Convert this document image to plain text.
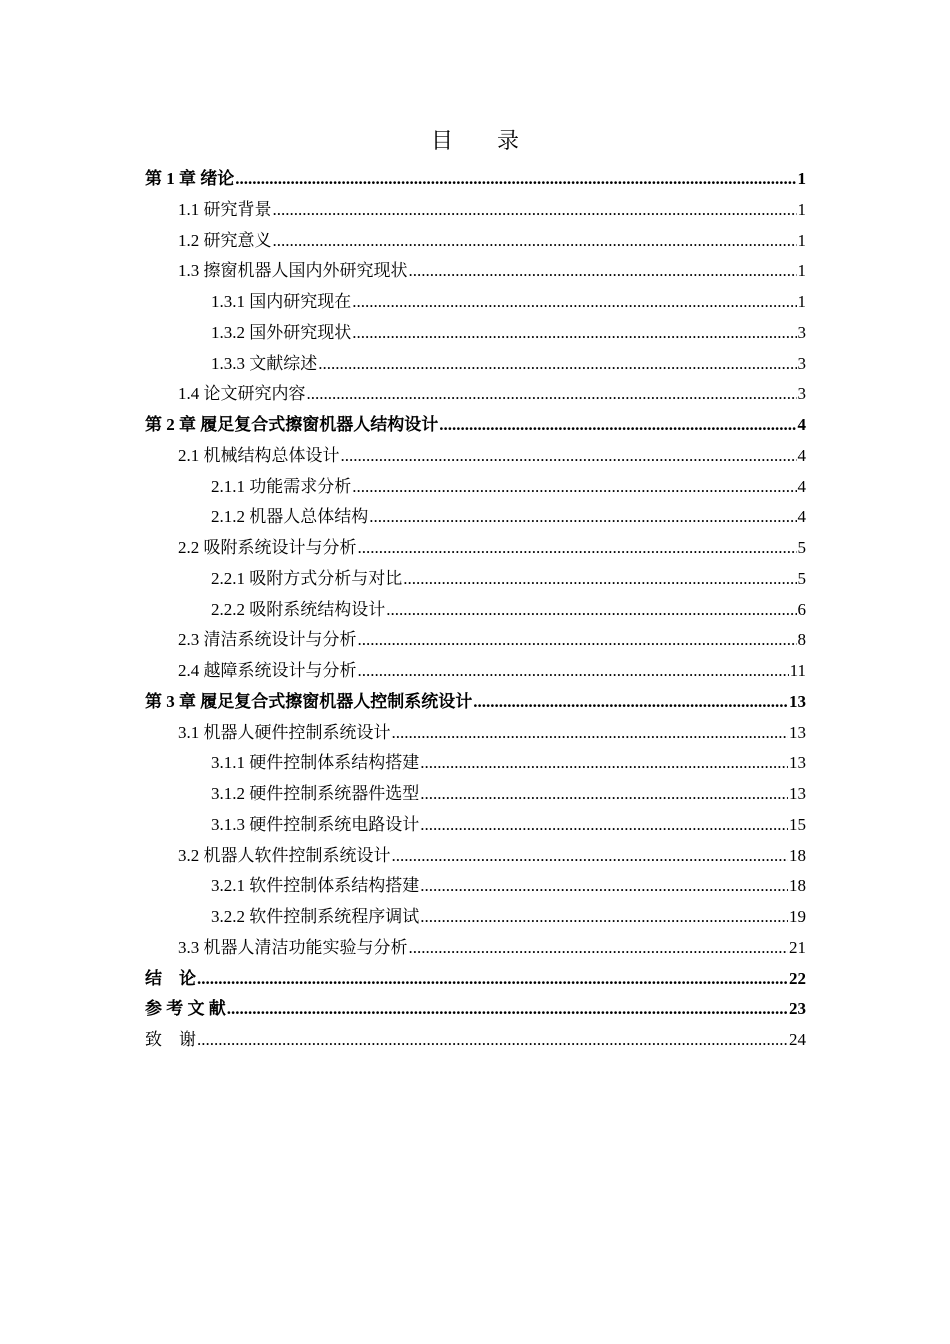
目 录
第 1 章 绪论 .....	1
1.1 研究背景 .....	1
1.2 研究意义 .....	1
1.3 擦窗机器人国内外研究现状 .....	1
1.3.1 国内研究现在 .....	1
1.3.2 国外研究现状 .....	3
1.3.3 文献综述 .....	3
1.4 论文研究内容 .....	3
第 2 章 履足复合式擦窗机器人结构设计 .....	4
2.1 机械结构总体设计 .....	4
2.1.1 功能需求分析 .....	4
2.1.2 机器人总体结构 .....	4
2.2 吸附系统设计与分析 .....	5
2.2.1 吸附方式分析与对比 .....	5
2.2.2 吸附系统结构设计 .....	6
2.3 清洁系统设计与分析 .....	8
2.4 越障系统设计与分析 .....	11
第 3 章 履足复合式擦窗机器人控制系统设计 .....	13
3.1 机器人硬件控制系统设计 .....	13
3.1.1 硬件控制体系结构搭建 .....	13
3.1.2 硬件控制系统器件选型 .....	13
3.1.3 硬件控制系统电路设计 .....	15
3.2 机器人软件控制系统设计 .....	18
3.2.1 软件控制体系结构搭建 .....	18
3.2.2 软件控制系统程序调试 .....	19
3.3 机器人清洁功能实验与分析 .....	21
结　论 .....	22
参 考 文 献 .....	23
致　谢 .....	24
